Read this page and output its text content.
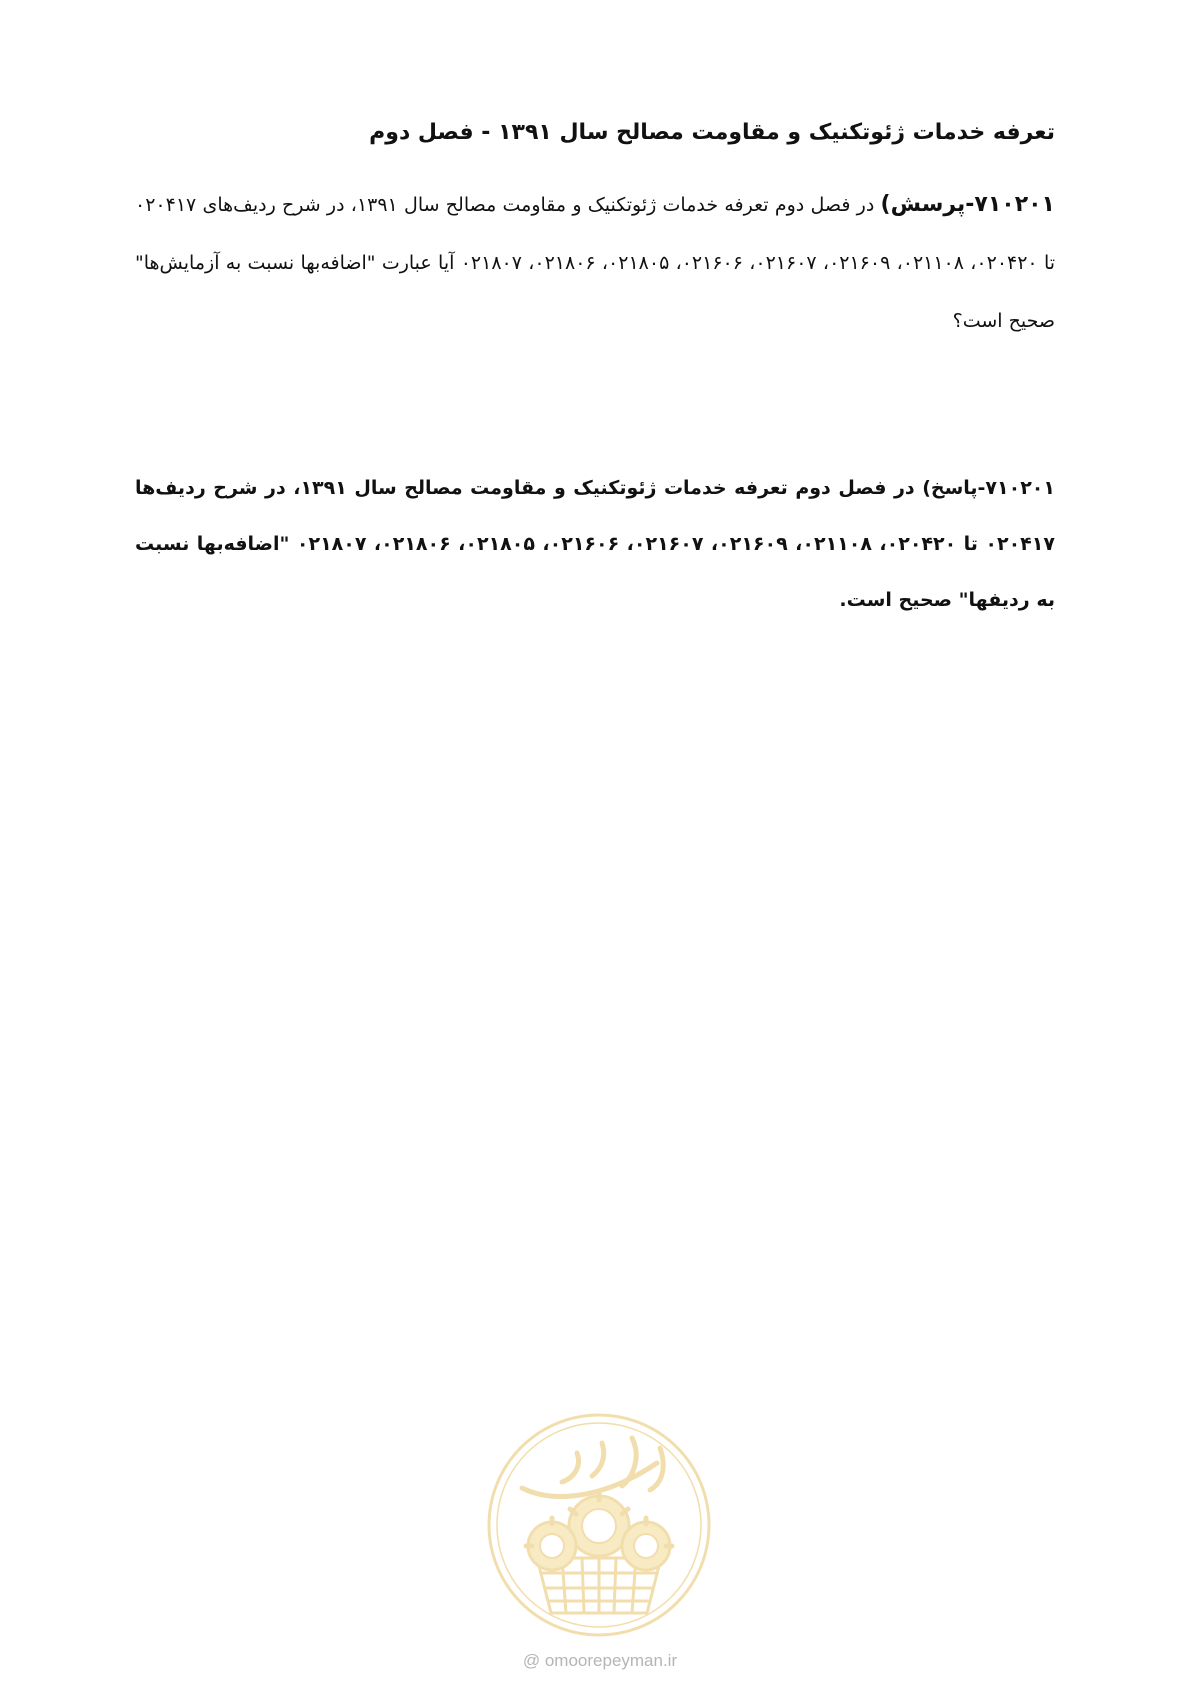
تعرفه خدمات ژئوتکنیک و مقاومت مصالح سال ۱۳۹۱ - فصل دوم
۷۱۰۲۰۱-پرسش) در فصل دوم تعرفه خدمات ژئوتکنیک و مقاومت مصالح سال ۱۳۹۱، در شرح ردیف‌های ۰۲۰۴۱۷ تا ۰۲۰۴۲۰، ۰۲۱۱۰۸، ۰۲۱۶۰۹، ۰۲۱۶۰۷، ۰۲۱۶۰۶، ۰۲۱۸۰۵، ۰۲۱۸۰۶، ۰۲۱۸۰۷ آیا عبارت "اضافه‌بها نسبت به آزمایش‌ها" صحیح است؟
۷۱۰۲۰۱-پاسخ) در فصل دوم تعرفه خدمات ژئوتکنیک و مقاومت مصالح سال ۱۳۹۱، در شرح ردیف‌ها ۰۲۰۴۱۷ تا ۰۲۰۴۲۰، ۰۲۱۱۰۸، ۰۲۱۶۰۹، ۰۲۱۶۰۷، ۰۲۱۶۰۶، ۰۲۱۸۰۵، ۰۲۱۸۰۶، ۰۲۱۸۰۷ "اضافه‌بها نسبت به ردیفها" صحیح است.
@ omoorepeyman.ir
